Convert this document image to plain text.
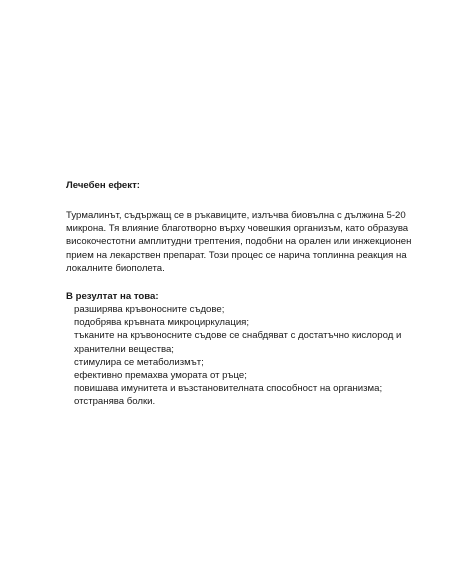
Лечебен ефект:

Турмалинът, съдържащ се в ръкавиците, излъчва биовълна с дължина 5-20
микрона. Тя влияние благотворно върху човешкия организъм, като образува
високочестотни амплитудни трептения, подобни на орален или инжекционен
прием на лекарствен препарат. Този процес се нарича топлинна реакция на
локалните биополета.

В резултат на това:

разширява кръвоносните съдове;
подобрява кръвната микроциркулация;
тъканите на кръвоносните съдове се снабдяват с достатъчно кислород и
хранителни вещества;
стимулира се метаболизмът;
ефективно премахва умората от ръце;
повишава имунитета и възстановителната способност на организма;
отстранява болки.
